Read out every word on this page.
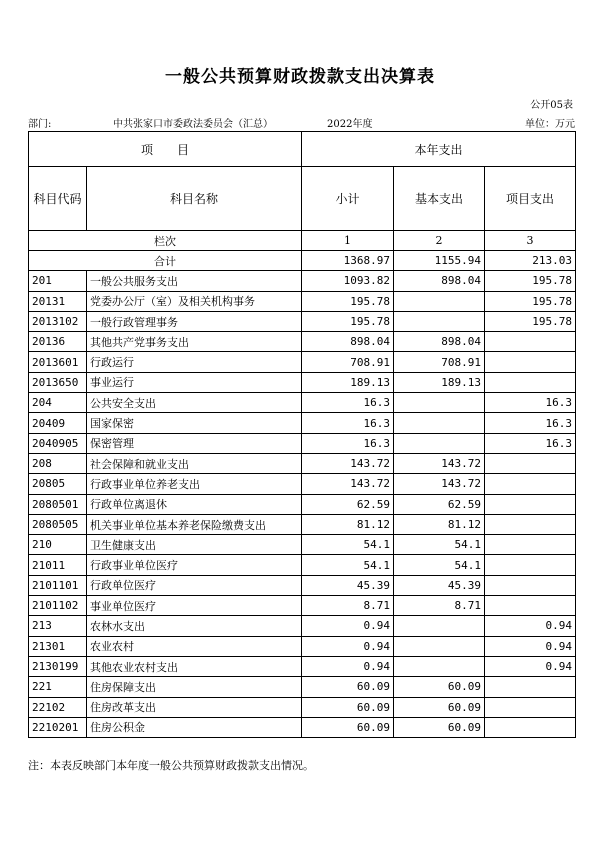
一般公共预算财政拨款支出决算表
公开05表
部门:	中共张家口市委政法委员会（汇总）	2022年度	单位：万元
项　　目		本年支出		
科目代码	科目名称	小计	基本支出	项目支出
栏次		1	2	3
合计		1368.97	1155.94	213.03
201	一般公共服务支出	1093.82	898.04	195.78
20131	党委办公厅（室）及相关机构事务	195.78		195.78
2013102	一般行政管理事务	195.78		195.78
20136	其他共产党事务支出	898.04	898.04	
2013601	行政运行	708.91	708.91	
2013650	事业运行	189.13	189.13	
204	公共安全支出	16.3		16.3
20409	国家保密	16.3		16.3
2040905	保密管理	16.3		16.3
208	社会保障和就业支出	143.72	143.72	
20805	行政事业单位养老支出	143.72	143.72	
2080501	行政单位离退休	62.59	62.59	
2080505	机关事业单位基本养老保险缴费支出	81.12	81.12	
210	卫生健康支出	54.1	54.1	
21011	行政事业单位医疗	54.1	54.1	
2101101	行政单位医疗	45.39	45.39	
2101102	事业单位医疗	8.71	8.71	
213	农林水支出	0.94		0.94
21301	农业农村	0.94		0.94
2130199	其他农业农村支出	0.94		0.94
221	住房保障支出	60.09	60.09	
22102	住房改革支出	60.09	60.09	
2210201	住房公积金	60.09	60.09	
注：本表反映部门本年度一般公共预算财政拨款支出情况。
